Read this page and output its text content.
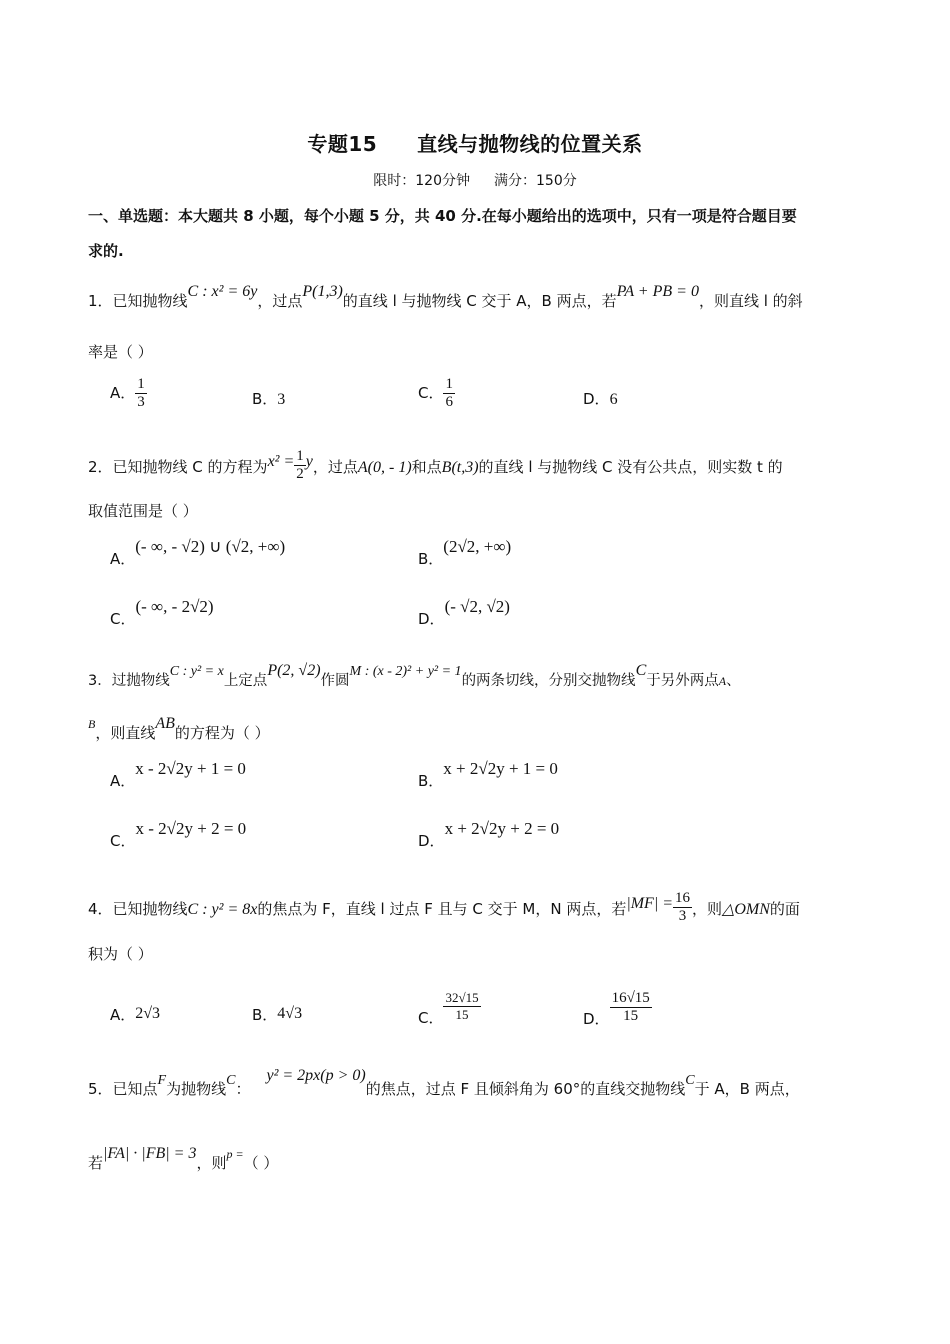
专题15 直线与抛物线的位置关系
限时：120分钟 满分：150分
一、单选题：本大题共 8 小题，每个小题 5 分，共 40 分.在每小题给出的选项中，只有一项是符合题目要
求的.
1．已知抛物线C : x² = 6y，过点P(1,3)的直线 l 与抛物线 C 交于 A，B 两点，若PA + PB = 0，则直线 l 的斜
率是（ ）
A． $\frac{1}{3}$	B．3	C． $\frac{1}{6}$	D．6
2．已知抛物线 C 的方程为$x^2 = \frac{1}{2}$ y，过点A(0, - 1)和点B(t,3)的直线 l 与抛物线 C 没有公共点，则实数 t 的
取值范围是（ ）
A．(- ∞, - √2) ∪ (√2, +∞)
B．(2√2, +∞)
C．(- ∞, - 2√2)
D．(- √2, √2)
3．过抛物线C : y² = x上定点P(2, √2)作圆M : (x - 2)² + y² = 1的两条切线，分别交抛物线C于另外两点A、
$^B$，则直线AB的方程为（ ）
A．x - 2√2y + 1 = 0
B．x + 2√2y + 1 = 0
C．x - 2√2y + 2 = 0
D．x + 2√2y + 2 = 0
4．已知抛物线C : y² = 8x的焦点为 F，直线 l 过点 F 且与 C 交于 M，N 两点，若$|MF| = \frac{16}{3}$ ，则△OMN的面
积为（ ）
A．2√3	B．4√3	C． $\frac{32√15}{15}$	D． $\frac{16√15}{15}$
5．已知点F为抛物线C：y² = 2px(p > 0)的焦点，过点 F 且倾斜角为 60°的直线交抛物线C于 A，B 两点，
若|FA| · |FB| = 3，则$^{p =}$（ ）
